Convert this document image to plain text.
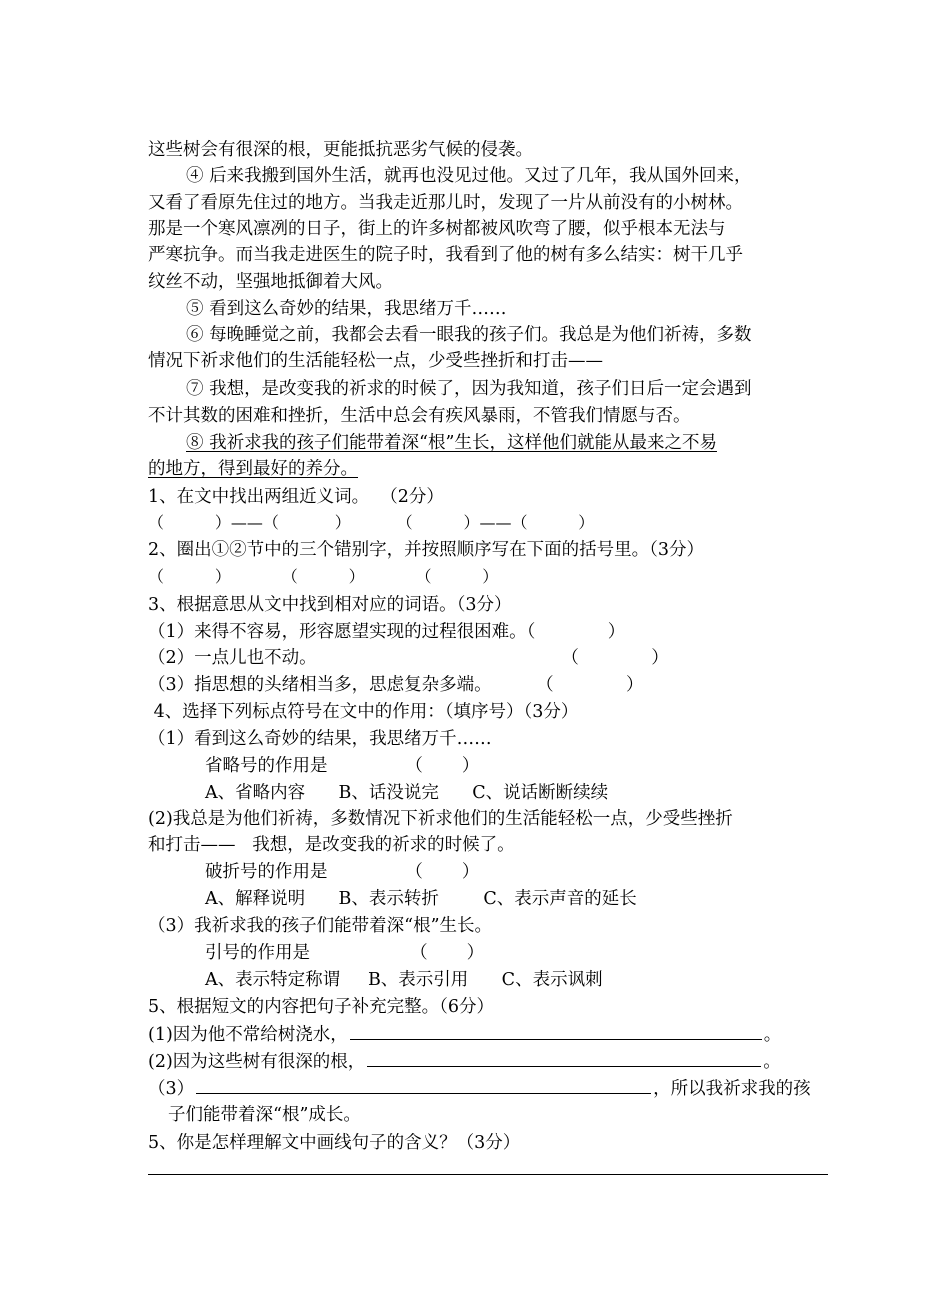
这些树会有很深的根，更能抵抗恶劣气候的侵袭。
④ 后来我搬到国外生活，就再也没见过他。又过了几年，我从国外回来，
又看了看原先住过的地方。当我走近那儿时，发现了一片从前没有的小树林。
那是一个寒风凛冽的日子，街上的许多树都被风吹弯了腰，似乎根本无法与
严寒抗争。而当我走进医生的院子时，我看到了他的树有多么结实：树干几乎
纹丝不动，坚强地抵御着大风。
⑤ 看到这么奇妙的结果，我思绪万千……
⑥ 每晚睡觉之前，我都会去看一眼我的孩子们。我总是为他们祈祷，多数
情况下祈求他们的生活能轻松一点，少受些挫折和打击——
⑦ 我想，是改变我的祈求的时候了，因为我知道，孩子们日后一定会遇到
不计其数的困难和挫折，生活中总会有疾风暴雨，不管我们情愿与否。
⑧ 我祈求我的孩子们能带着深“根”生长，这样他们就能从最来之不易
的地方，得到最好的养分。
1、在文中找出两组近义词。  （2分）
（          ）——（           ）         （          ）——（          ）
2、圈出①②节中的三个错别字，并按照顺序写在下面的括号里。（3分）
（          ）          （          ）          （          ）
3、根据意思从文中找到相对应的词语。（3分）
（1）来得不容易，形容愿望实现的过程很困难。（             ）
（2）一点儿也不动。                                            （             ）
（3）指思想的头绪相当多，思虑复杂多端。        （             ）
4、选择下列标点符号在文中的作用：（填序号）（3分）
（1）看到这么奇妙的结果，我思绪万千……
省略号的作用是              （       ）
A、省略内容      B、话没说完      C、说话断断续续
(2)我总是为他们祈祷，多数情况下祈求他们的生活能轻松一点，少受些挫折
和打击——   我想，是改变我的祈求的时候了。
破折号的作用是              （       ）
A、解释说明      B、表示转折        C、表示声音的延长
（3）我祈求我的孩子们能带着深“根”生长。
引号的作用是                  （       ）
A、表示特定称谓     B、表示引用      C、表示讽刺
5、根据短文的内容把句子补充完整。（6分）
(1)因为他不常给树浇水，	。
(2)因为这些树有很深的根，	。
（3）	，所以我祈求我的孩
子们能带着深“根”成长。
5、你是怎样理解文中画线句子的含义？（3分）
